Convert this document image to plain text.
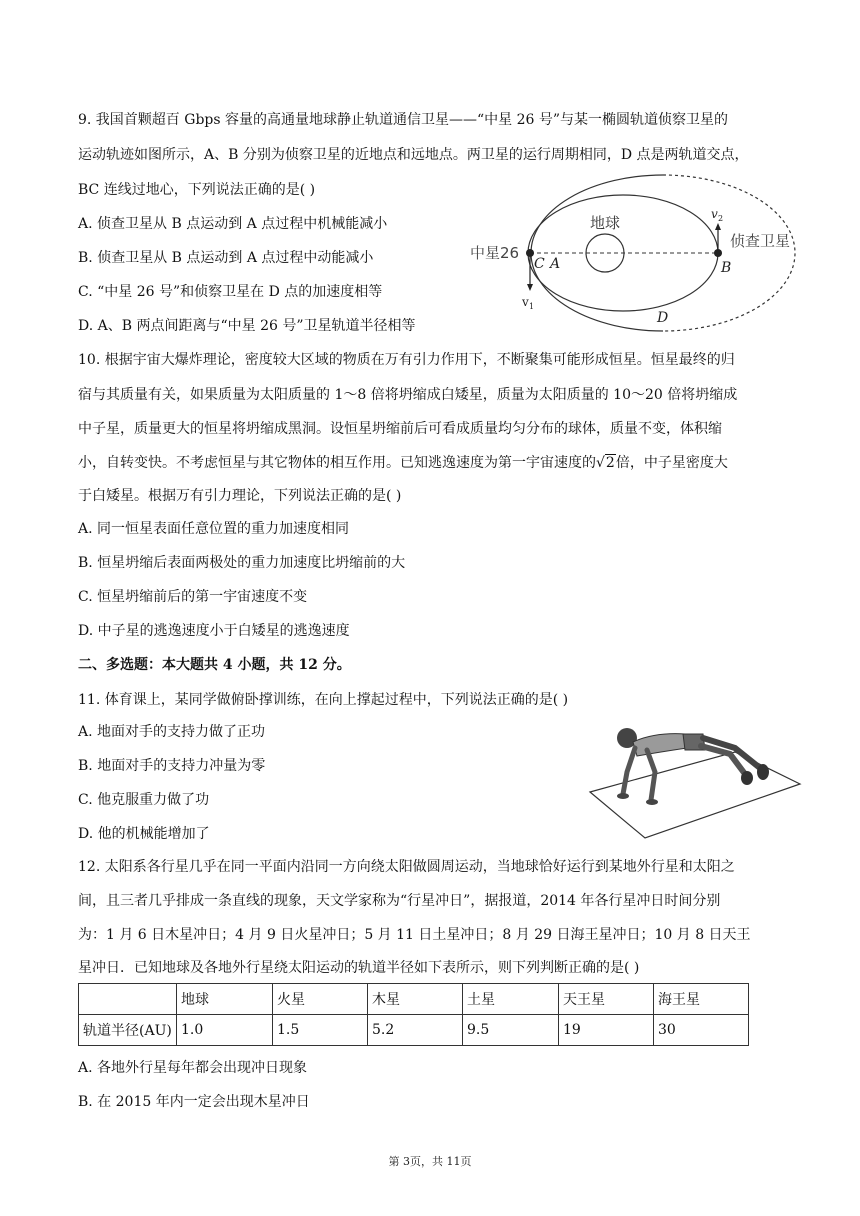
9. 我国首颗超百 Gbps 容量的高通量地球静止轨道通信卫星——“中星 26 号”与某一椭圆轨道侦察卫星的
运动轨迹如图所示，A、B 分别为侦察卫星的近地点和远地点。两卫星的运行周期相同，D 点是两轨道交点，
BC 连线过地心，下列说法正确的是( )
A. 侦查卫星从 B 点运动到 A 点过程中机械能减小
B. 侦查卫星从 B 点运动到 A 点过程中动能减小
C. “中星 26 号”和侦察卫星在 D 点的加速度相等
D. A、B 两点间距离与“中星 26 号”卫星轨道半径相等
地球
中星26
侦查卫星
C A	B
D
v 1
v 2
10. 根据宇宙大爆炸理论，密度较大区域的物质在万有引力作用下，不断聚集可能形成恒星。恒星最终的归
宿与其质量有关，如果质量为太阳质量的 1～8 倍将坍缩成白矮星，质量为太阳质量的 10～20 倍将坍缩成
中子星，质量更大的恒星将坍缩成黑洞。设恒星坍缩前后可看成质量均匀分布的球体，质量不变，体积缩
小，自转变快。不考虑恒星与其它物体的相互作用。已知逃逸速度为第一宇宙速度的√2倍，中子星密度大
于白矮星。根据万有引力理论，下列说法正确的是( )
A. 同一恒星表面任意位置的重力加速度相同
B. 恒星坍缩后表面两极处的重力加速度比坍缩前的大
C. 恒星坍缩前后的第一宇宙速度不变
D. 中子星的逃逸速度小于白矮星的逃逸速度
二、多选题：本大题共 4 小题，共 12 分。
11. 体育课上，某同学做俯卧撑训练，在向上撑起过程中，下列说法正确的是( )
A. 地面对手的支持力做了正功
B. 地面对手的支持力冲量为零
C. 他克服重力做了功
D. 他的机械能增加了
12. 太阳系各行星几乎在同一平面内沿同一方向绕太阳做圆周运动，当地球恰好运行到某地外行星和太阳之
间，且三者几乎排成一条直线的现象，天文学家称为“行星冲日”，据报道，2014 年各行星冲日时间分别
为：1 月 6 日木星冲日；4 月 9 日火星冲日；5 月 11 日土星冲日；8 月 29 日海王星冲日；10 月 8 日天王
星冲日．已知地球及各地外行星绕太阳运动的轨道半径如下表所示，则下列判断正确的是( )
	地球	火星	木星	土星	天王星	海王星
轨道半径(AU)	1.0	1.5	5.2	9.5	19	30
A. 各地外行星每年都会出现冲日现象
B. 在 2015 年内一定会出现木星冲日
第 3页，共 11页
